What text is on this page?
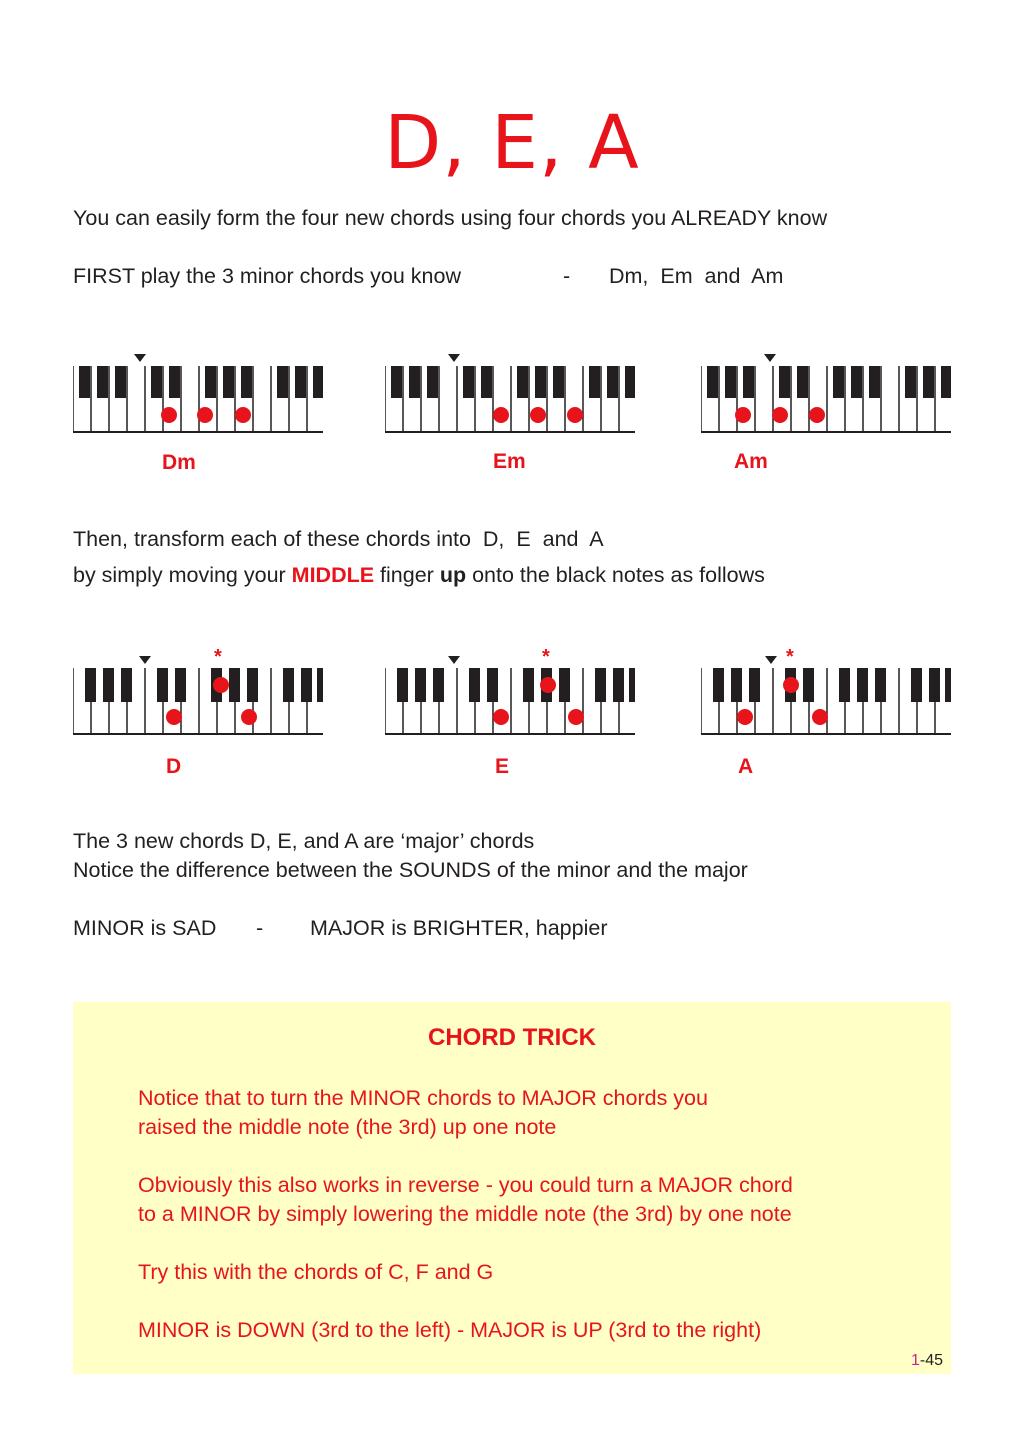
D, E, A
You can easily form the four new chords using four chords you ALREADY know
FIRST play the 3 minor chords you know	- Dm,  Em  and  Am
Dm	Em	Am
Then, transform each of these chords into  D,  E  and  A
by simply moving your MIDDLE finger up onto the black notes as follows
*	*	*
D	E	A
The 3 new chords D, E, and A are ‘major’ chords
Notice the difference between the SOUNDS of the minor and the major
MINOR is SAD - MAJOR is BRIGHTER, happier
CHORD TRICK
Notice that to turn the MINOR chords to MAJOR chords you
raised the middle note (the 3rd) up one note
Obviously this also works in reverse - you could turn a MAJOR chord
to a MINOR by simply lowering the middle note (the 3rd) by one note
Try this with the chords of C, F and G
MINOR is DOWN (3rd to the left) - MAJOR is UP (3rd to the right)
1-45
